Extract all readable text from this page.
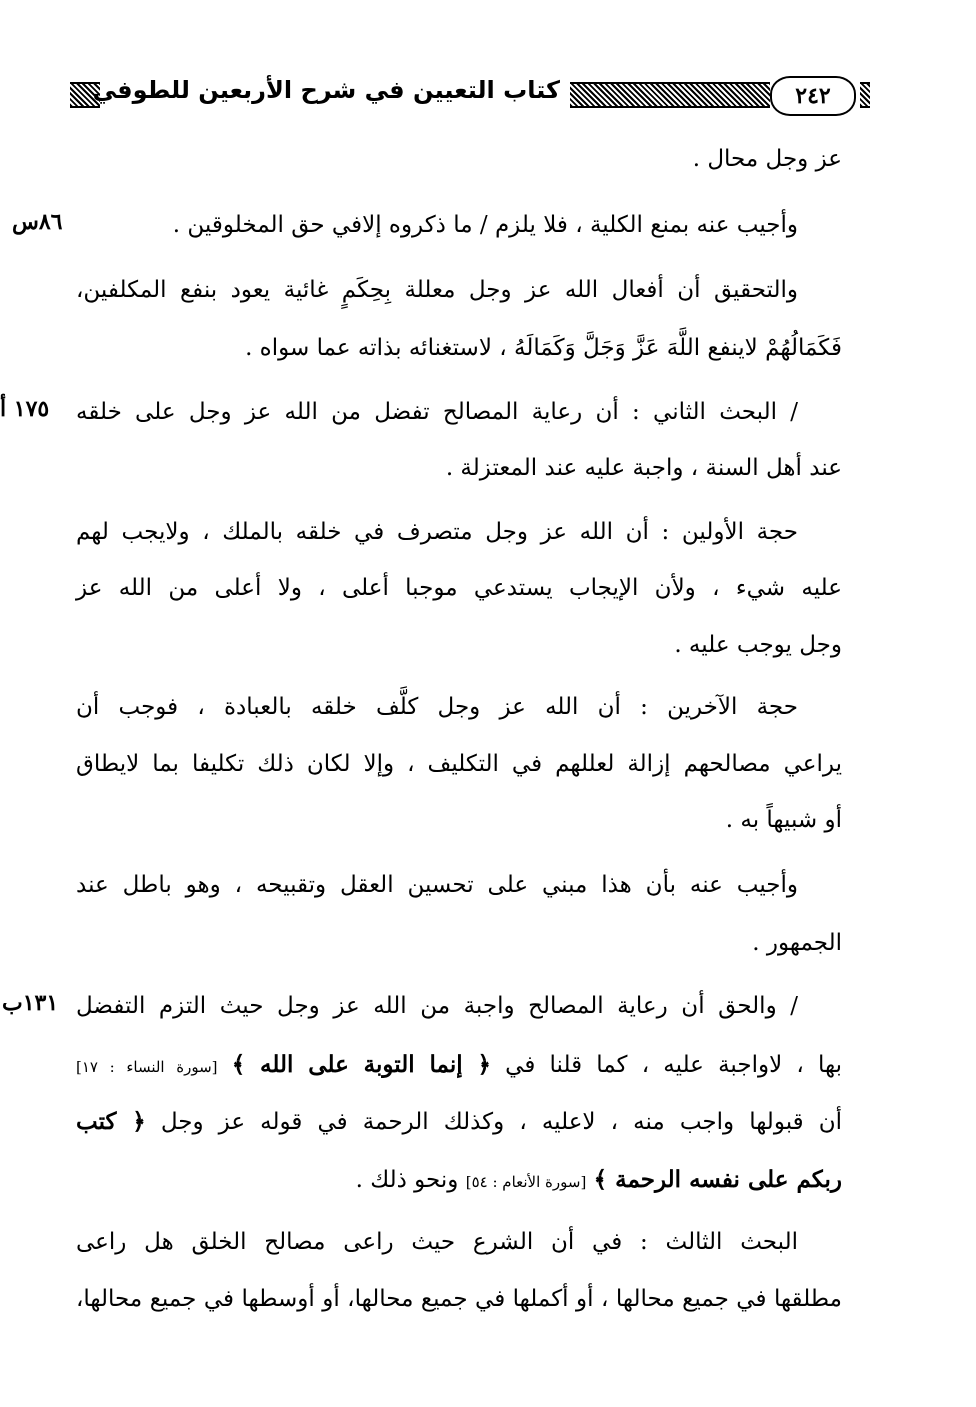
كتاب التعيين في شرح الأربعين للطوفي	٢٤٢
عز وجل محال .
وأجيب عنه بمنع الكلية ، فلا يلزم / ما ذكروه إلافي حق المخلوقين .
٨٦س
والتحقيق أن أفعال الله عز وجل معللة بِحِكَمٍ غائية يعود بنفع المكلفين،
فَكَمَالُهُمْ لاينفع اللَّهَ عَزَّ وَجَلَّ وَكَمَالَهُ ، لاستغنائه بذاته عما سواه .
/ البحث الثاني : أن رعاية المصالح تفضل من الله عز وجل على خلقه
١٧٥ أ
عند أهل السنة ، واجبة عليه عند المعتزلة .
حجة الأولين : أن الله عز وجل متصرف في خلقه بالملك ، ولايجب لهم
عليه شيء ، ولأن الإيجاب يستدعي موجبا أعلى ، ولا أعلى من الله عز
وجل يوجب عليه .
حجة الآخرين : أن الله عز وجل كلَّف خلقه بالعبادة ، فوجب أن
يراعي مصالحهم إزالة لعللهم في التكليف ، وإلا لكان ذلك تكليفا بما لايطاق
أو شبيهاً به .
وأجيب عنه بأن هذا مبني على تحسين العقل وتقبيحه ، وهو باطل عند
الجمهور .
/ والحق أن رعاية المصالح واجبة من الله عز وجل حيث التزم التفضل
١٣١ب
بها ، لاواجبة عليه ، كما قلنا في ﴿ إنما التوبة على الله ﴾ [سورة النساء : ١٧]
أن قبولها واجب منه ، لاعليه ، وكذلك الرحمة في قوله عز وجل ﴿ كتب
ربكم على نفسه الرحمة ﴾ [سورة الأنعام : ٥٤] ونحو ذلك .
البحث الثالث : في أن الشرع حيث راعى مصالح الخلق هل راعى
مطلقها في جميع محالها ، أو أكملها في جميع محالها، أو أوسطها في جميع محالها،
